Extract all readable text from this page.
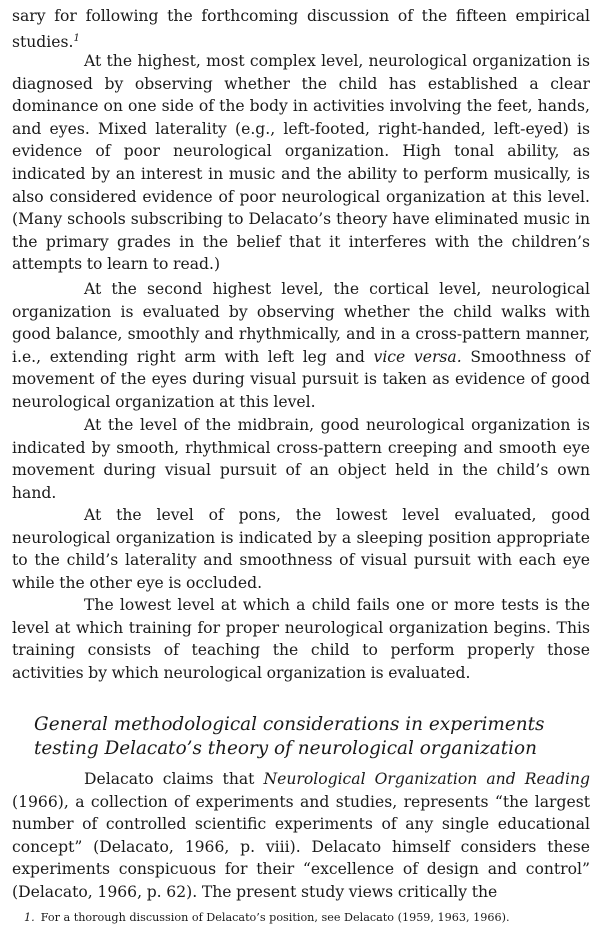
sary for following the forthcoming discussion of the fifteen empirical studies.$^1$

At the highest, most complex level, neurological organization is diagnosed by observing whether the child has established a clear dominance on one side of the body in activities involving the feet, hands, and eyes. Mixed laterality (e.g., left-footed, right-handed, left-eyed) is evidence of poor neurological organization. High tonal ability, as indicated by an interest in music and the ability to perform musically, is also considered evidence of poor neurological organization at this level. (Many schools subscribing to Delacato’s theory have eliminated music in the primary grades in the belief that it interferes with the children’s attempts to learn to read.)

At the second highest level, the cortical level, neurological organization is evaluated by observing whether the child walks with good balance, smoothly and rhythmically, and in a cross-pattern manner, i.e., extending right arm with left leg and vice versa. Smoothness of movement of the eyes during visual pursuit is taken as evidence of good neurological organization at this level.

At the level of the midbrain, good neurological organization is indicated by smooth, rhythmical cross-pattern creeping and smooth eye movement during visual pursuit of an object held in the child’s own hand.

At the level of pons, the lowest level evaluated, good neurological organization is indicated by a sleeping position appropriate to the child’s laterality and smoothness of visual pursuit with each eye while the other eye is occluded.

The lowest level at which a child fails one or more tests is the level at which training for proper neurological organization begins. This training consists of teaching the child to perform properly those activities by which neurological organization is evaluated.

General methodological considerations in experiments
testing Delacato’s theory of neurological organization

Delacato claims that Neurological Organization and Reading (1966), a collection of experiments and studies, represents “the largest number of controlled scientific experiments of any single educational concept” (Delacato, 1966, p. viii). Delacato himself considers these experiments conspicuous for their “excellence of design and control” (Delacato, 1966, p. 62). The present study views critically the

1. For a thorough discussion of Delacato’s position, see Delacato (1959, 1963, 1966).
